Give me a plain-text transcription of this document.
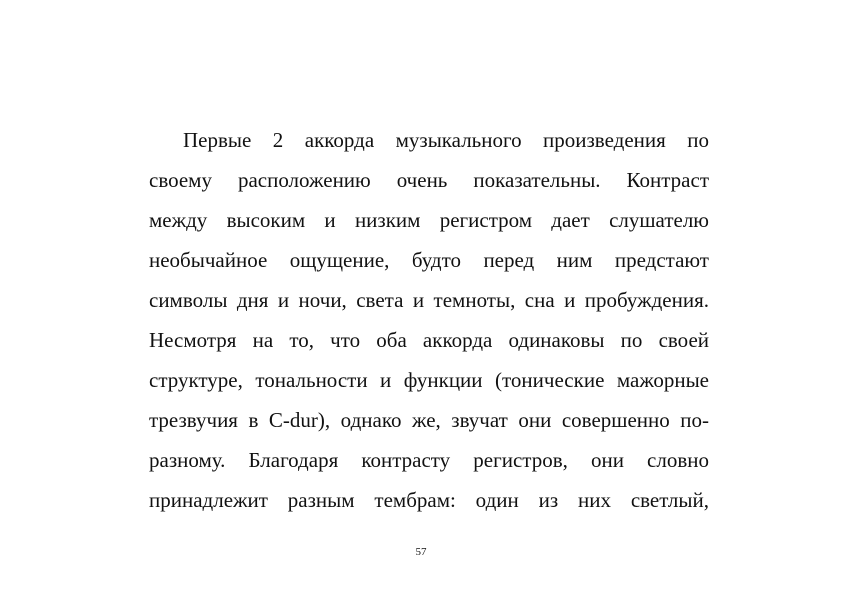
Первые 2 аккорда музыкального произведения по
своему расположению очень показательны. Контраст
между высоким и низким регистром дает слушателю
необычайное ощущение, будто перед ним предстают
символы дня и ночи, света и темноты, сна и пробуждения.
Несмотря на то, что оба аккорда одинаковы по своей
структуре, тональности и функции (тонические мажорные
трезвучия в С-dur), однако же, звучат они совершенно по-
разному. Благодаря контрасту регистров, они словно
принадлежит разным тембрам: один из них светлый,
57
